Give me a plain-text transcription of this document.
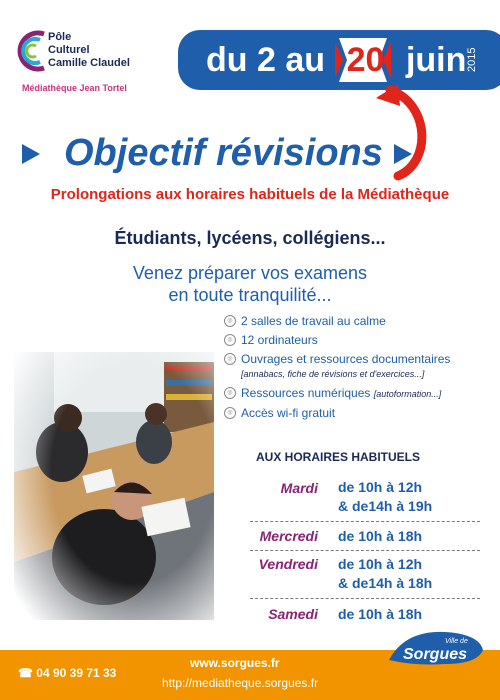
Pôle
Culturel
Camille Claudel
Médiathèque Jean Tortel
du 2 au 20 juin 2015
Objectif révisions
Prolongations aux horaires habituels de la Médiathèque
Étudiants, lycéens, collégiens...
Venez préparer vos examens
en toute tranquilité...
◎ 2 salles de travail au calme
◎ 12 ordinateurs
◎ Ouvrages et ressources documentaires
[annabacs, fiche de révisions et d'exercices...]
◎ Ressources numériques [autoformation...]
◎ Accès wi-fi gratuit
AUX HORAIRES HABITUELS
Mardi de 10h à 12h
& de14h à 19h
Mercredi de 10h à 18h
Vendredi de 10h à 12h
& de14h à 18h
Samedi de 10h à 18h
☎ 04 90 39 71 33
www.sorgues.fr
http://mediatheque.sorgues.fr
Ville de
Sorgues
